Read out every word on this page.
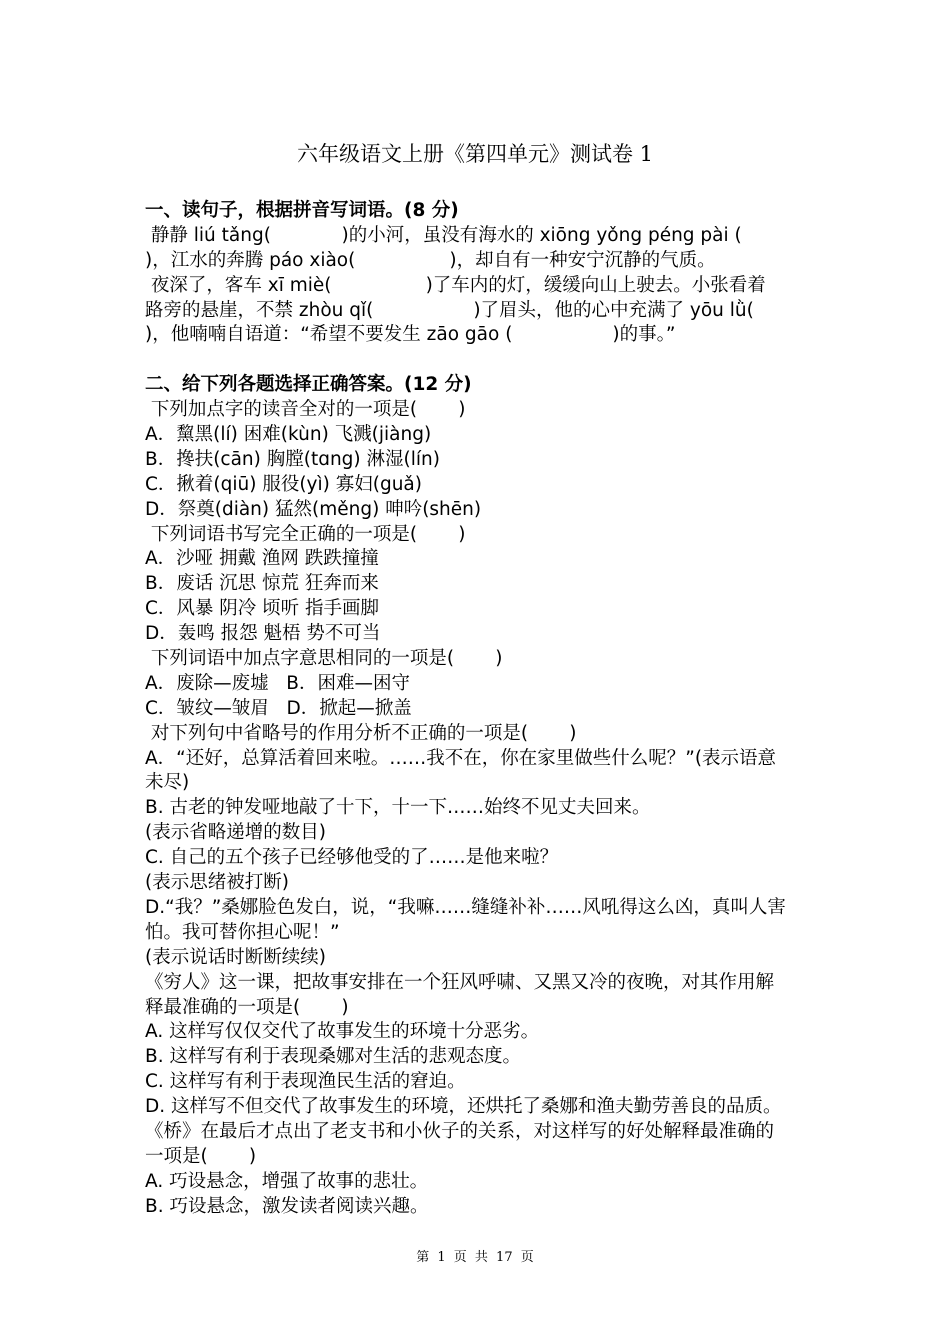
六年级语文上册《第四单元》测试卷 1
一、读句子，根据拼音写词语。(8 分)
静静 liú tǎng(            )的小河，虽没有海水的 xiōng yǒng péng pài (
)，江水的奔腾 páo xiào(                )，却自有一种安宁沉静的气质。
夜深了，客车 xī miè(                )了车内的灯，缓缓向山上驶去。小张看着
路旁的悬崖，不禁 zhòu qǐ(                 )了眉头，他的心中充满了 yōu lǜ(
)，他喃喃自语道：“希望不要发生 zāo gāo (                 )的事。”
二、给下列各题选择正确答案。(12 分)
下列加点字的读音全对的一项是(       )
A．黧黑(lí) 困难(kùn) 飞溅(jiàng)
B．搀扶(cān) 胸膛(tɑng) 淋湿(lín)
C．揪着(qiū) 服役(yì) 寡妇(guǎ)
D．祭奠(diàn) 猛然(měng) 呻吟(shēn)
下列词语书写完全正确的一项是(       )
A．沙哑 拥戴 渔网 跌跌撞撞
B．废话 沉思 惊荒 狂奔而来
C．风暴 阴冷 顷听 指手画脚
D．轰鸣 报怨 魁梧 势不可当
下列词语中加点字意思相同的一项是(       )
A．废除—废墟   B．困难—困守
C．皱纹—皱眉   D．掀起—掀盖
对下列句中省略号的作用分析不正确的一项是(       )
A．“还好，总算活着回来啦。……我不在，你在家里做些什么呢？”(表示语意
未尽)
B. 古老的钟发哑地敲了十下，十一下……始终不见丈夫回来。
(表示省略递增的数目)
C. 自己的五个孩子已经够他受的了……是他来啦？
(表示思绪被打断)
D.“我？”桑娜脸色发白，说，“我嘛……缝缝补补……风吼得这么凶，真叫人害
怕。我可替你担心呢！”
(表示说话时断断续续)
《穷人》这一课，把故事安排在一个狂风呼啸、又黑又冷的夜晚，对其作用解
释最准确的一项是(       )
A. 这样写仅仅交代了故事发生的环境十分恶劣。
B. 这样写有利于表现桑娜对生活的悲观态度。
C. 这样写有利于表现渔民生活的窘迫。
D. 这样写不但交代了故事发生的环境，还烘托了桑娜和渔夫勤劳善良的品质。
《桥》在最后才点出了老支书和小伙子的关系，对这样写的好处解释最准确的
一项是(       )
A. 巧设悬念，增强了故事的悲壮。
B. 巧设悬念，激发读者阅读兴趣。
第 1 页 共 17 页
